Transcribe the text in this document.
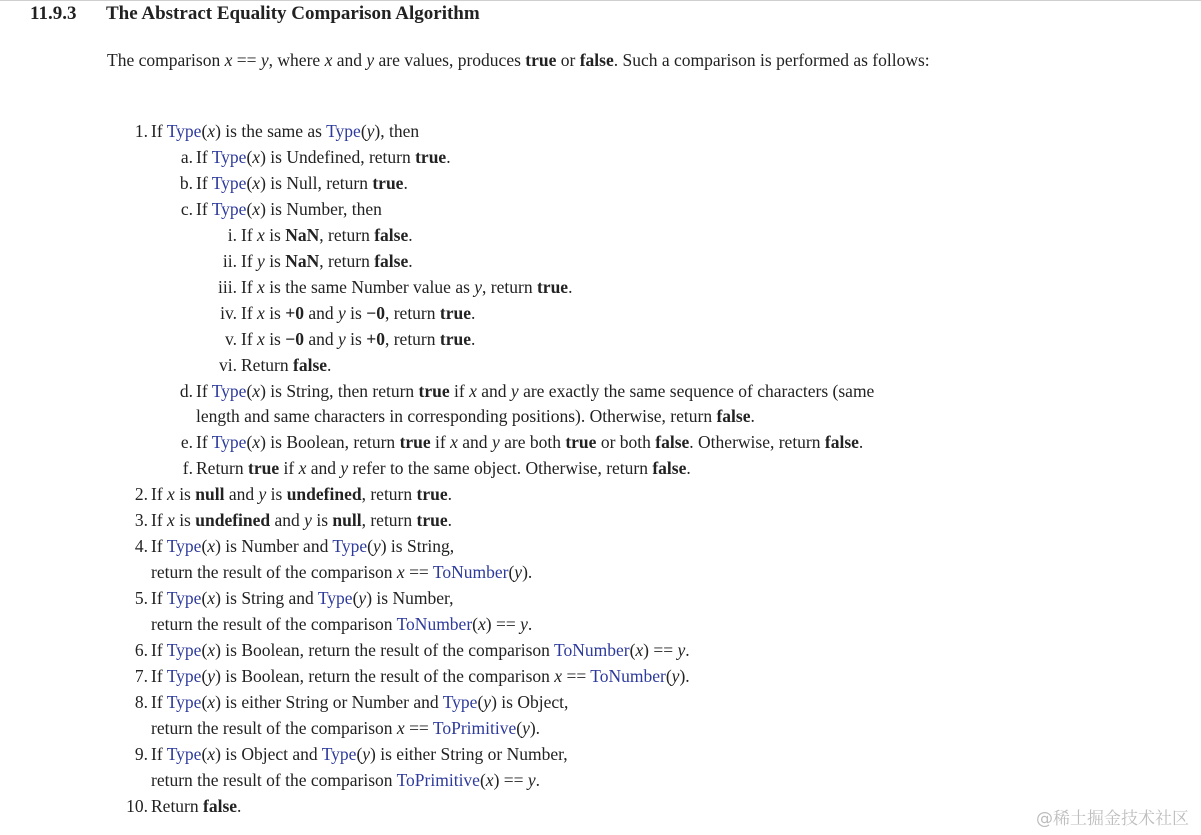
11.9.3 The Abstract Equality Comparison Algorithm

The comparison x == y, where x and y are values, produces true or false. Such a comparison is performed as follows:

1. If Type(x) is the same as Type(y), then
a. If Type(x) is Undefined, return true.
b. If Type(x) is Null, return true.
c. If Type(x) is Number, then
i. If x is NaN, return false.
ii. If y is NaN, return false.
iii. If x is the same Number value as y, return true.
iv. If x is +0 and y is −0, return true.
v. If x is −0 and y is +0, return true.
vi. Return false.
d. If Type(x) is String, then return true if x and y are exactly the same sequence of characters (same
length and same characters in corresponding positions). Otherwise, return false.
e. If Type(x) is Boolean, return true if x and y are both true or both false. Otherwise, return false.
f. Return true if x and y refer to the same object. Otherwise, return false.
2. If x is null and y is undefined, return true.
3. If x is undefined and y is null, return true.
4. If Type(x) is Number and Type(y) is String,
return the result of the comparison x == ToNumber(y).
5. If Type(x) is String and Type(y) is Number,
return the result of the comparison ToNumber(x) == y.
6. If Type(x) is Boolean, return the result of the comparison ToNumber(x) == y.
7. If Type(y) is Boolean, return the result of the comparison x == ToNumber(y).
8. If Type(x) is either String or Number and Type(y) is Object,
return the result of the comparison x == ToPrimitive(y).
9. If Type(x) is Object and Type(y) is either String or Number,
return the result of the comparison ToPrimitive(x) == y.
10. Return false.
@稀土掘金技术社区
